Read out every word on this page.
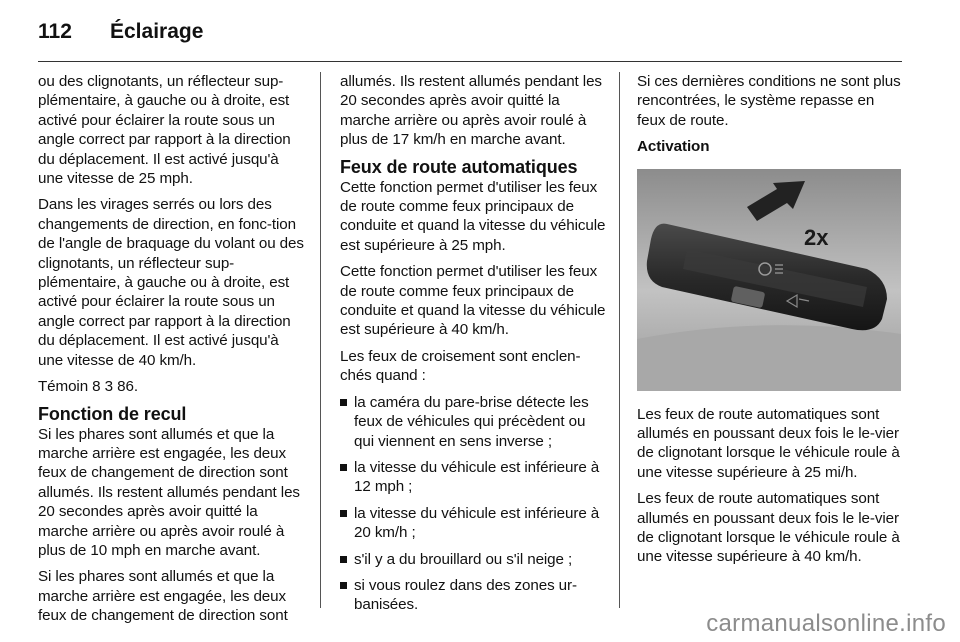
112 Éclairage

ou des clignotants, un réflecteur sup-plémentaire, à gauche ou à droite, est activé pour éclairer la route sous un angle correct par rapport à la direction du déplacement. Il est activé jusqu'à une vitesse de 25 mph.

Dans les virages serrés ou lors des changements de direction, en fonc-tion de l'angle de braquage du volant ou des clignotants, un réflecteur sup-plémentaire, à gauche ou à droite, est activé pour éclairer la route sous un angle correct par rapport à la direction du déplacement. Il est activé jusqu'à une vitesse de 40 km/h.

Témoin 8 3 86.

Fonction de recul

Si les phares sont allumés et que la marche arrière est engagée, les deux feux de changement de direction sont allumés. Ils restent allumés pendant les 20 secondes après avoir quitté la marche arrière ou après avoir roulé à plus de 10 mph en marche avant.

Si les phares sont allumés et que la marche arrière est engagée, les deux feux de changement de direction sont

allumés. Ils restent allumés pendant les 20 secondes après avoir quitté la marche arrière ou après avoir roulé à plus de 17 km/h en marche avant.

Feux de route automatiques

Cette fonction permet d'utiliser les feux de route comme feux principaux de conduite et quand la vitesse du véhicule est supérieure à 25 mph.

Cette fonction permet d'utiliser les feux de route comme feux principaux de conduite et quand la vitesse du véhicule est supérieure à 40 km/h.

Les feux de croisement sont enclen-chés quand :

la caméra du pare-brise détecte les feux de véhicules qui précèdent ou qui viennent en sens inverse ;
la vitesse du véhicule est inférieure à 12 mph ;
la vitesse du véhicule est inférieure à 20 km/h ;
s'il y a du brouillard ou s'il neige ;
si vous roulez dans des zones ur-banisées.

Si ces dernières conditions ne sont plus rencontrées, le système repasse en feux de route.

Activation

Les feux de route automatiques sont allumés en poussant deux fois le le-vier de clignotant lorsque le véhicule roule à une vitesse supérieure à 25 mi/h.

Les feux de route automatiques sont allumés en poussant deux fois le le-vier de clignotant lorsque le véhicule roule à une vitesse supérieure à 40 km/h.

2x
carmanualsonline.info
